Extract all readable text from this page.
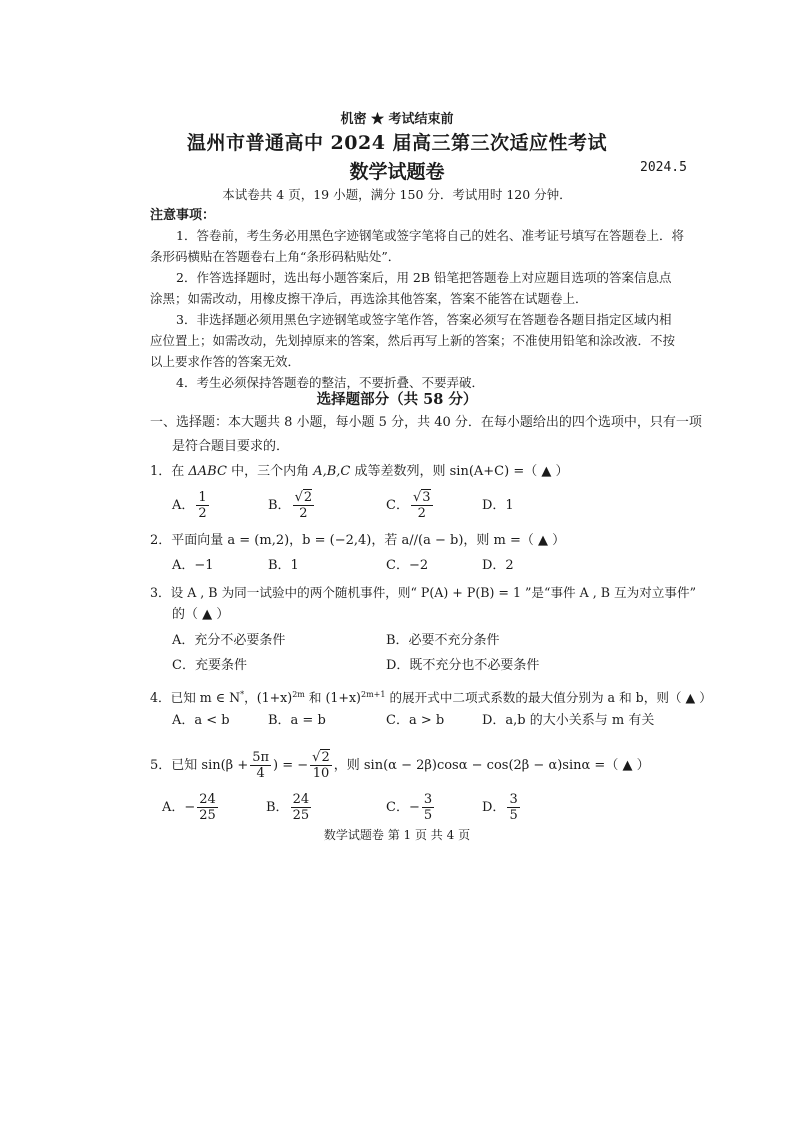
机密 ★ 考试结束前
温州市普通高中 2024 届高三第三次适应性考试
数学试题卷	2024.5
本试卷共 4 页，19 小题，满分 150 分．考试用时 120 分钟．
注意事项：
1．答卷前，考生务必用黑色字迹钢笔或签字笔将自己的姓名、准考证号填写在答题卷上．将
条形码横贴在答题卷右上角“条形码粘贴处”．
2．作答选择题时，选出每小题答案后，用 2B 铅笔把答题卷上对应题目选项的答案信息点
涂黑；如需改动，用橡皮擦干净后，再选涂其他答案，答案不能答在试题卷上．
3．非选择题必须用黑色字迹钢笔或签字笔作答，答案必须写在答题卷各题目指定区域内相
应位置上；如需改动，先划掉原来的答案，然后再写上新的答案；不准使用铅笔和涂改液．不按
以上要求作答的答案无效．
4．考生必须保持答题卷的整洁，不要折叠、不要弄破．
选择题部分（共 58 分）
一、选择题：本大题共 8 小题，每小题 5 分，共 40 分．在每小题给出的四个选项中，只有一项
是符合题目要求的．
1．在 ΔABC 中，三个内角 A,B,C 成等差数列，则 sin(A+C) =（ ▲ ）
A． $\frac{1}{2}$	B． √ $\frac{2}{2}$	C． √ $\frac{3}{2}$	D．1
2．平面向量 a = (m,2)，b = (−2,4)，若 a//(a − b)，则 m =（ ▲ ）
A．−1	B．1	C．−2	D．2
3．设 A , B 为同一试验中的两个随机事件，则“ P(A) + P(B) = 1 ”是“事件 A , B 互为对立事件”
的（ ▲ ）
A．充分不必要条件	B．必要不充分条件
C．充要条件	D．既不充分也不必要条件
4．已知 m ∈ N*，$(1+x)^{2m}$ 和 $(1+x)^{2m+1}$ 的展开式中二项式系数的最大值分别为 a 和 b，则（ ▲ ）
A．a < b	B．a = b	C．a > b	D．a,b 的大小关系与 m 有关
5．已知 $\sin(\beta + \frac{5\pi}{4}$ ) = − √ $\frac{2}{10}$ ，则 sin(α − 2β)cosα − cos(2β − α)sinα =（ ▲ ）
A．− $\frac{24}{25}$	B． $\frac{24}{25}$	C．− $\frac{3}{5}$	D． $\frac{3}{5}$
数学试题卷 第 1 页 共 4 页
